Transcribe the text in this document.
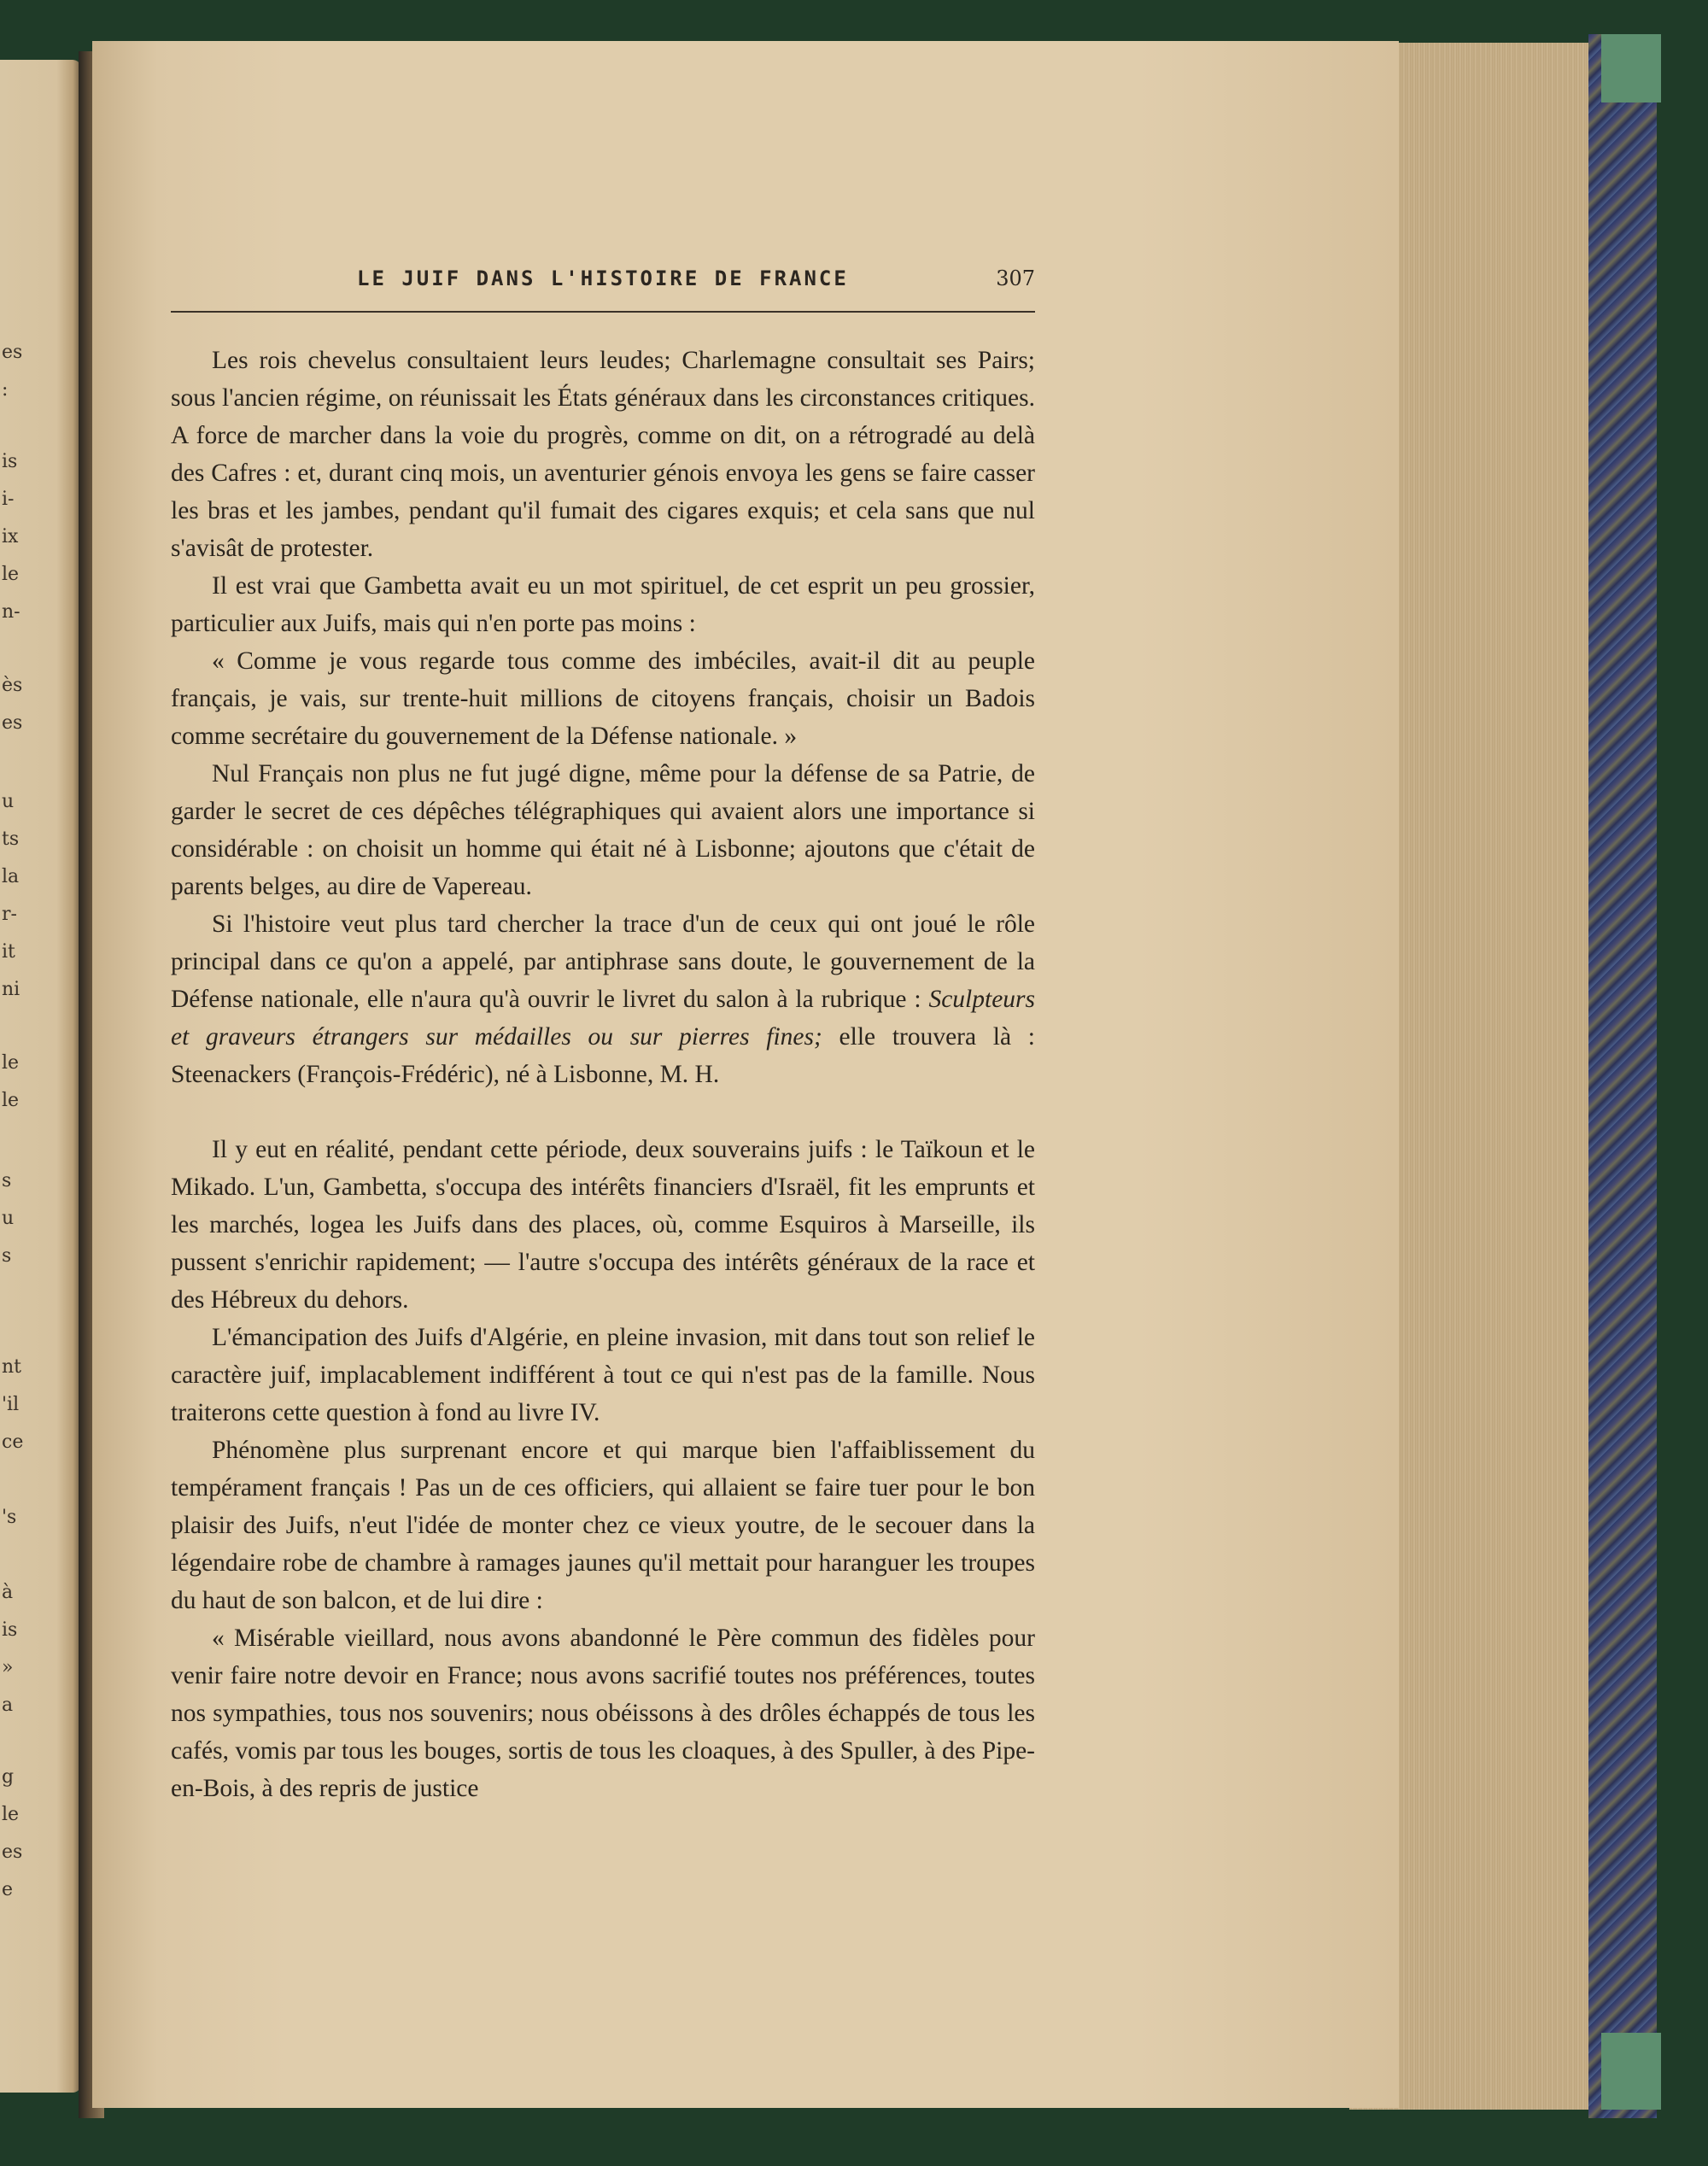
es
:
is
i-
ix
le
n-
ès
es
u
ts
la
r-
it
ni
le
le
s
u
s
nt
'il
ce
's
à
is
»
a
g
le
es
e
LE JUIF DANS L'HISTOIRE DE FRANCE	307

Les rois chevelus consultaient leurs leudes; Charlemagne consultait ses Pairs; sous l'ancien régime, on réunissait les États généraux dans les circonstances critiques. A force de marcher dans la voie du progrès, comme on dit, on a rétrogradé au delà des Cafres : et, durant cinq mois, un aventurier génois envoya les gens se faire casser les bras et les jambes, pendant qu'il fumait des cigares exquis; et cela sans que nul s'avisât de protester.

Il est vrai que Gambetta avait eu un mot spirituel, de cet esprit un peu grossier, particulier aux Juifs, mais qui n'en porte pas moins :

« Comme je vous regarde tous comme des imbéciles, avait-il dit au peuple français, je vais, sur trente-huit millions de citoyens français, choisir un Badois comme secrétaire du gouvernement de la Défense nationale. »

Nul Français non plus ne fut jugé digne, même pour la défense de sa Patrie, de garder le secret de ces dépêches télégraphiques qui avaient alors une importance si considérable : on choisit un homme qui était né à Lisbonne; ajoutons que c'était de parents belges, au dire de Vapereau.

Si l'histoire veut plus tard chercher la trace d'un de ceux qui ont joué le rôle principal dans ce qu'on a appelé, par antiphrase sans doute, le gouvernement de la Défense nationale, elle n'aura qu'à ouvrir le livret du salon à la rubrique : Sculpteurs et graveurs étrangers sur médailles ou sur pierres fines; elle trouvera là : Steenackers (François-Frédéric), né à Lisbonne, M. H.

Il y eut en réalité, pendant cette période, deux souverains juifs : le Taïkoun et le Mikado. L'un, Gambetta, s'occupa des intérêts financiers d'Israël, fit les emprunts et les marchés, logea les Juifs dans des places, où, comme Esquiros à Marseille, ils pussent s'enrichir rapidement; — l'autre s'occupa des intérêts généraux de la race et des Hébreux du dehors.

L'émancipation des Juifs d'Algérie, en pleine invasion, mit dans tout son relief le caractère juif, implacablement indifférent à tout ce qui n'est pas de la famille. Nous traiterons cette question à fond au livre IV.

Phénomène plus surprenant encore et qui marque bien l'affaiblissement du tempérament français ! Pas un de ces officiers, qui allaient se faire tuer pour le bon plaisir des Juifs, n'eut l'idée de monter chez ce vieux youtre, de le secouer dans la légendaire robe de chambre à ramages jaunes qu'il mettait pour haranguer les troupes du haut de son balcon, et de lui dire :

« Misérable vieillard, nous avons abandonné le Père commun des fidèles pour venir faire notre devoir en France; nous avons sacrifié toutes nos préférences, toutes nos sympathies, tous nos souvenirs; nous obéissons à des drôles échappés de tous les cafés, vomis par tous les bouges, sortis de tous les cloaques, à des Spuller, à des Pipe-en-Bois, à des repris de justice
